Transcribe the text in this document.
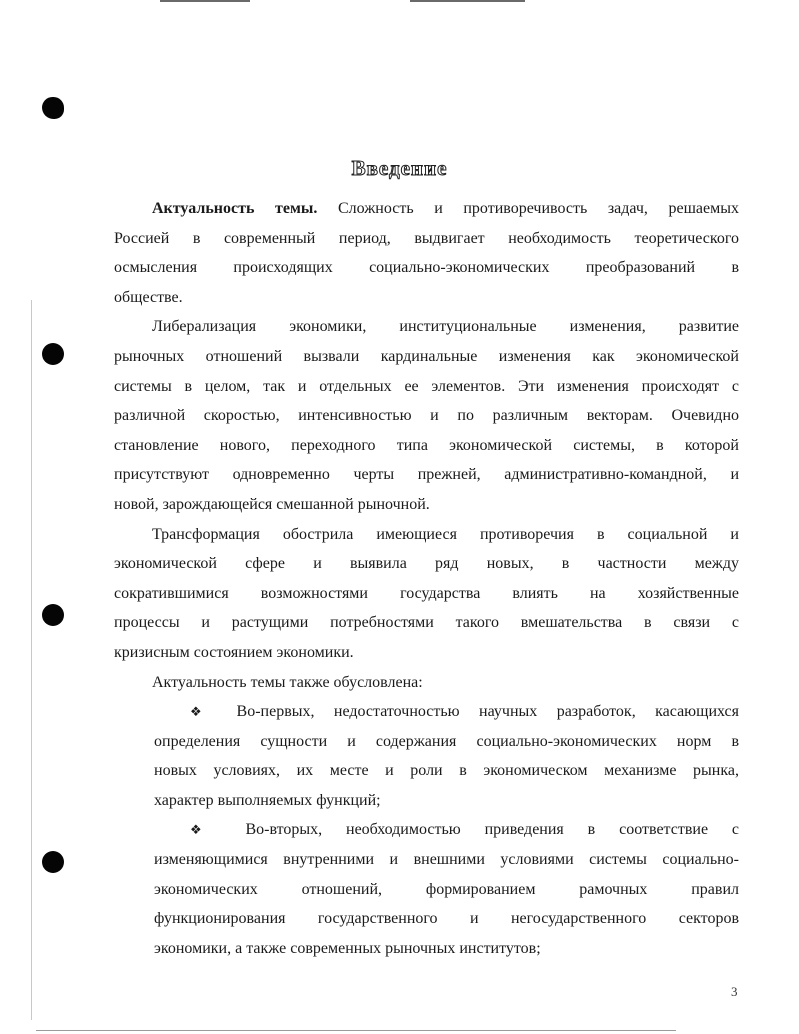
Введение
Актуальность темы. Сложность и противоречивость задач, решаемых
Россией в современный период, выдвигает необходимость теоретического
осмысления происходящих социально-экономических преобразований в
обществе.
Либерализация экономики, институциональные изменения, развитие
рыночных отношений вызвали кардинальные изменения как экономической
системы в целом, так и отдельных ее элементов. Эти изменения происходят с
различной скоростью, интенсивностью и по различным векторам. Очевидно
становление нового, переходного типа экономической системы, в которой
присутствуют одновременно черты прежней, административно-командной, и
новой, зарождающейся смешанной рыночной.
Трансформация обострила имеющиеся противоречия в социальной и
экономической сфере и выявила ряд новых, в частности между
сократившимися возможностями государства влиять на хозяйственные
процессы и растущими потребностями такого вмешательства в связи с
кризисным состоянием экономики.
Актуальность темы также обусловлена:
❖ Во-первых, недостаточностью научных разработок, касающихся
определения сущности и содержания социально-экономических норм в
новых условиях, их месте и роли в экономическом механизме рынка,
характер выполняемых функций;
❖ Во-вторых, необходимостью приведения в соответствие с
изменяющимися внутренними и внешними условиями системы социально-
экономических отношений, формированием рамочных правил
функционирования государственного и негосударственного секторов
экономики, а также современных рыночных институтов;
3
